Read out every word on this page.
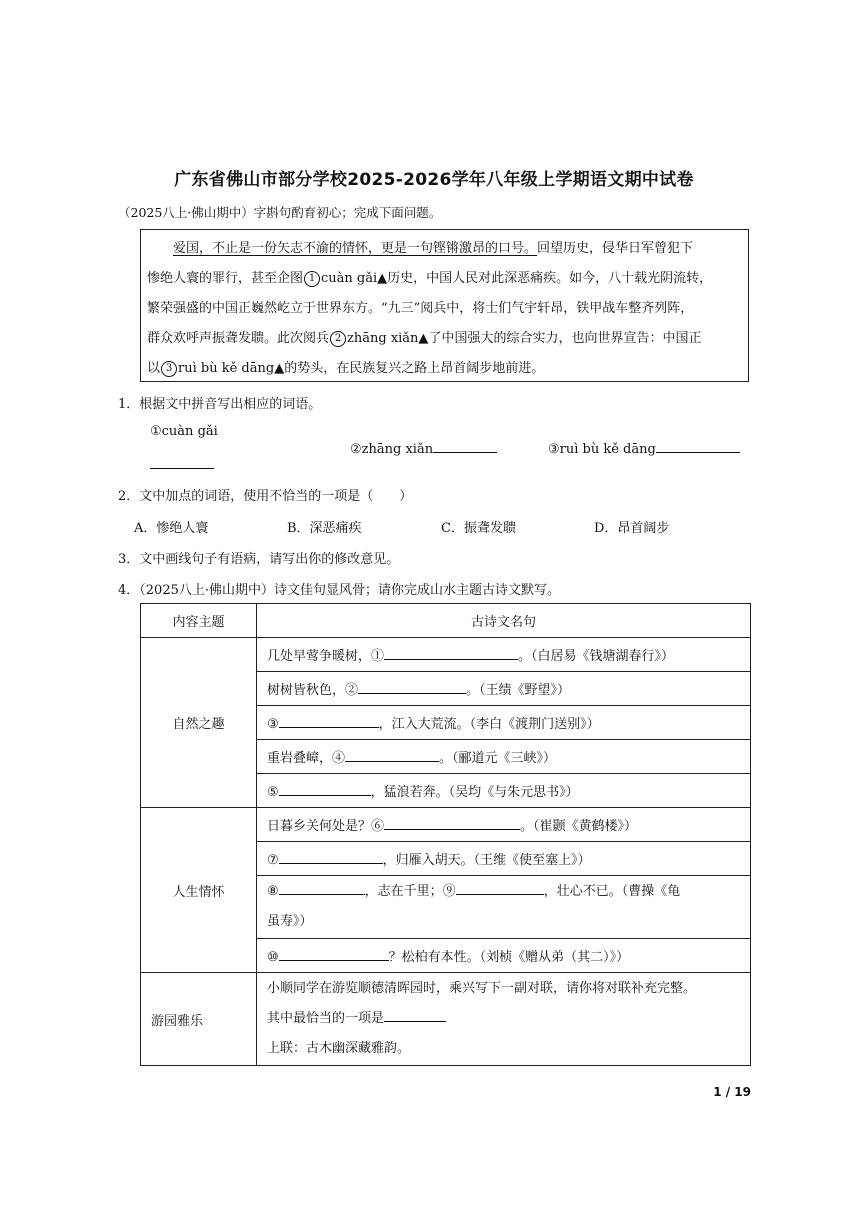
广东省佛山市部分学校2025-2026学年八年级上学期语文期中试卷
（2025八上·佛山期中）字斟句酌育初心；完成下面问题。

爱国，不止是一份矢志不渝的情怀，更是一句铿锵激昂的口号。回望历史，侵华日军曾犯下

惨绝人寰的罪行，甚至企图 1 cuàn gǎi▲历史，中国人民对此深恶痛疾。如今，八十载光阴流转，

繁荣强盛的中国正巍然屹立于世界东方。“九三”阅兵中，将士们气宇轩昂，铁甲战车整齐列阵，

群众欢呼声振聋发聩。此次阅兵 2 zhāng xiǎn▲了中国强大的综合实力，也向世界宣告：中国正

以 3 ruì bù kě dāng▲的势头，在民族复兴之路上昂首阔步地前进。

1．根据文中拼音写出相应的词语。
①cuàn gǎi
②zhāng xiǎn	③ruì bù kě dāng
2．文中加点的词语，使用不恰当的一项是（　　）
A．惨绝人寰	B．深恶痛疾	C．振聋发聩	D．昂首阔步
3．文中画线句子有语病，请写出你的修改意见。
4．（2025八上·佛山期中）诗文佳句显风骨；请你完成山水主题古诗文默写。
内容主题	古诗文名句
自然之趣	几处早莺争暖树，① 。（白居易《钱塘湖春行》）
	树树皆秋色，② 。（王绩《野望》）
	③ ，江入大荒流。（李白《渡荆门送别》）
	重岩叠嶂，④ 。（郦道元《三峡》）
	⑤ ，猛浪若奔。（吴均《与朱元思书》）
人生情怀	日暮乡关何处是？⑥ 。（崔颢《黄鹤楼》）
	⑦ ，归雁入胡天。（王维《使至塞上》）
	⑧ ，志在千里；⑨ ，壮心不已。（曹操《龟
虽寿》）
	⑩ ？松柏有本性。（刘桢《赠从弟（其二）》）
游园雅乐	小顺同学在游览顺德清晖园时，乘兴写下一副对联，请你将对联补充完整。
其中最恰当的一项是
上联：古木幽深藏雅韵。
1 / 19
